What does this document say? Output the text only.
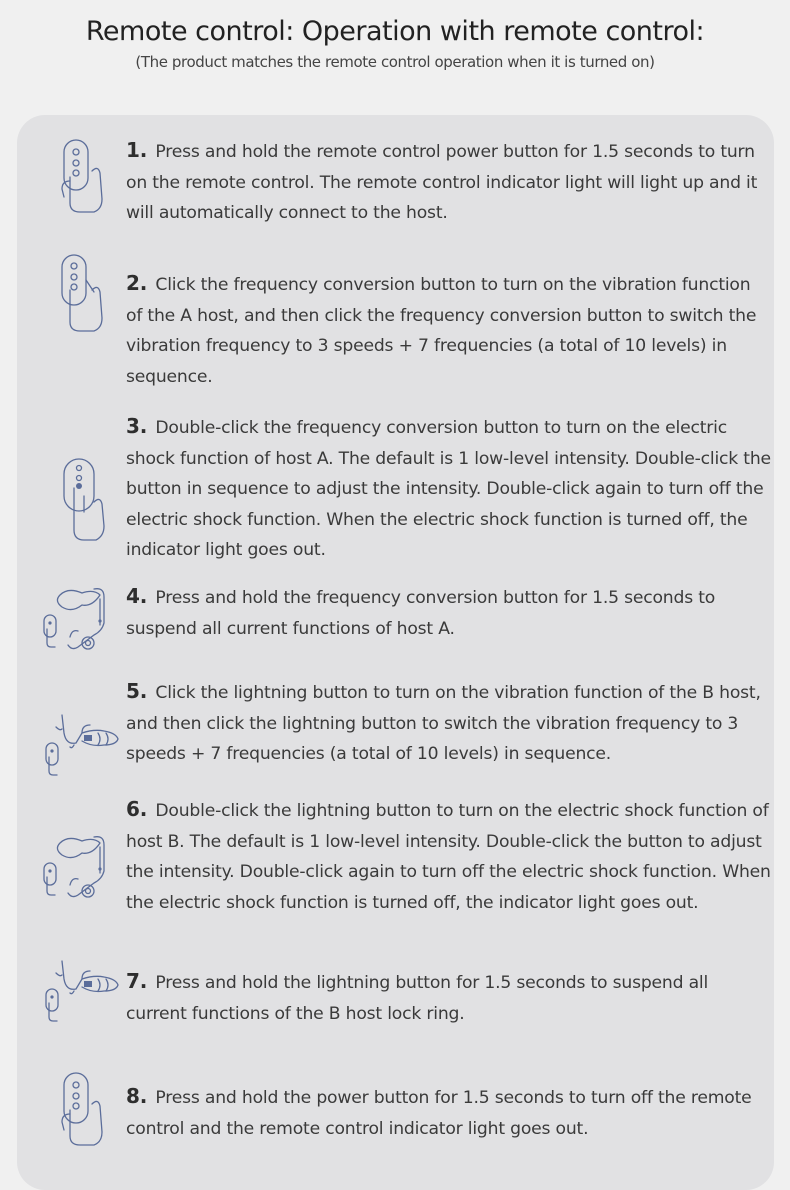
Remote control: Operation with remote control:
(The product matches the remote control operation when it is turned on)
1. Press and hold the remote control power button for 1.5 seconds to turn on the remote control. The remote control indicator light will light up and it will automatically connect to the host.
2. Click the frequency conversion button to turn on the vibration function of the A host, and then click the frequency conversion button to switch the vibration frequency to 3 speeds + 7 frequencies (a total of 10 levels) in sequence.
3. Double-click the frequency conversion button to turn on the electric shock function of host A. The default is 1 low-level intensity. Double-click the button in sequence to adjust the intensity. Double-click again to turn off the electric shock function. When the electric shock function is turned off, the indicator light goes out.
4. Press and hold the frequency conversion button for 1.5 seconds to suspend all current functions of host A.
5. Click the lightning button to turn on the vibration function of the B host, and then click the lightning button to switch the vibration frequency to 3 speeds + 7 frequencies (a total of 10 levels) in sequence.
6. Double-click the lightning button to turn on the electric shock function of host B. The default is 1 low-level intensity. Double-click the button to adjust the intensity. Double-click again to turn off the electric shock function. When the electric shock function is turned off, the indicator light goes out.
7. Press and hold the lightning button for 1.5 seconds to suspend all current functions of the B host lock ring.
8. Press and hold the power button for 1.5 seconds to turn off the remote control and the remote control indicator light goes out.
